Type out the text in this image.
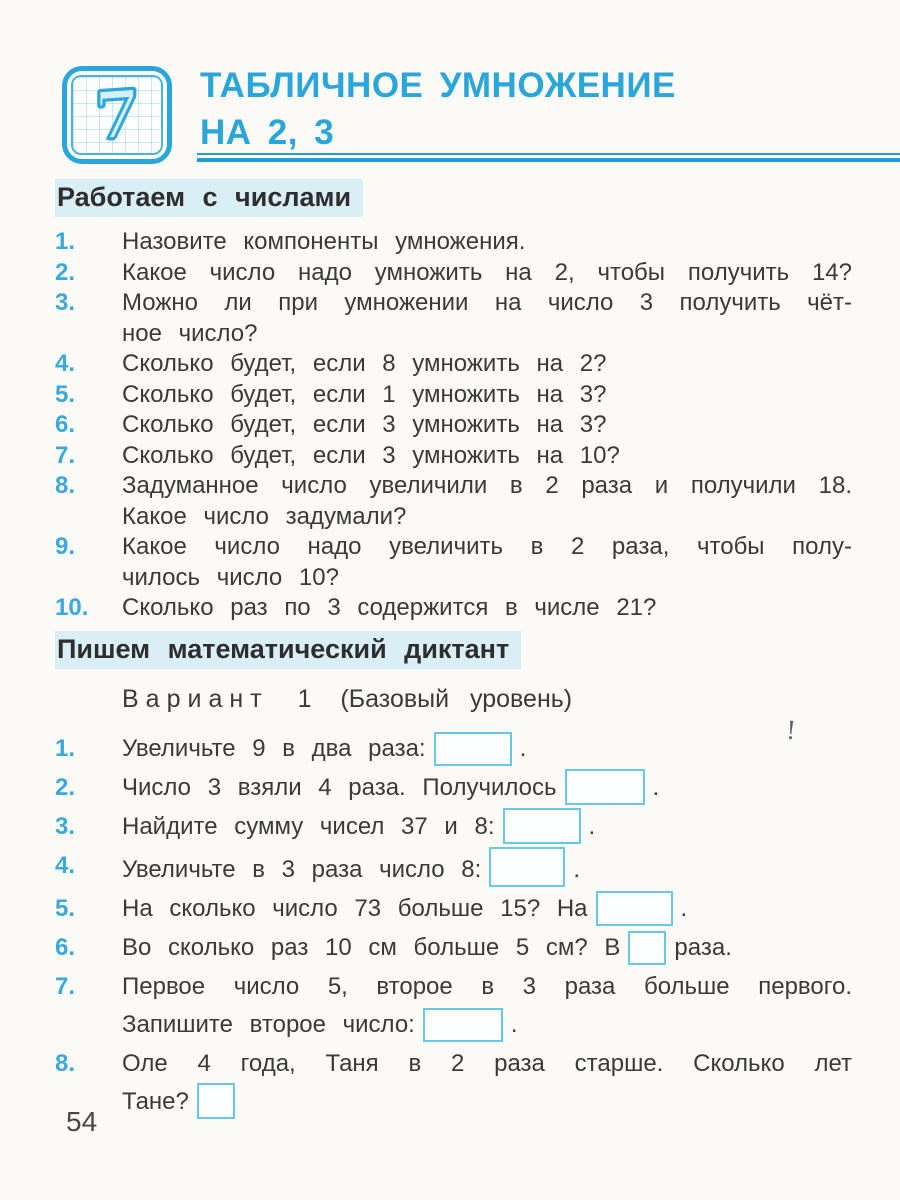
7 ТАБЛИЧНОЕ УМНОЖЕНИЕ
НА 2, 3
Работаем с числами
1.	Назовите компоненты умножения.
2.	Какое число надо умножить на 2, чтобы получить 14?
3.	Можно ли при умножении на число 3 получить чёт-
ное число?
4.	Сколько будет, если 8 умножить на 2?
5.	Сколько будет, если 1 умножить на 3?
6.	Сколько будет, если 3 умножить на 3?
7.	Сколько будет, если 3 умножить на 10?
8.	Задуманное число увеличили в 2 раза и получили 18.
Какое число задумали?
9.	Какое число надо увеличить в 2 раза, чтобы полу-
чилось число 10?
10.	Сколько раз по 3 содержится в числе 21?
Пишем математический диктант
Вариант 1 (Базовый уровень)
1.	Увеличьте 9 в два раза:	.
2.	Число 3 взяли 4 раза. Получилось	.
3.	Найдите сумму чисел 37 и 8:	.
4.	Увеличьте в 3 раза число 8:	.
5.	На сколько число 73 больше 15? На	.
6.	Во сколько раз 10 см больше 5 см? В раза.
7.	Первое число 5, второе в 3 раза больше первого.
Запишите второе число:	.
8.	Оле 4 года, Таня в 2 раза старше. Сколько лет
Тане?
54
!
